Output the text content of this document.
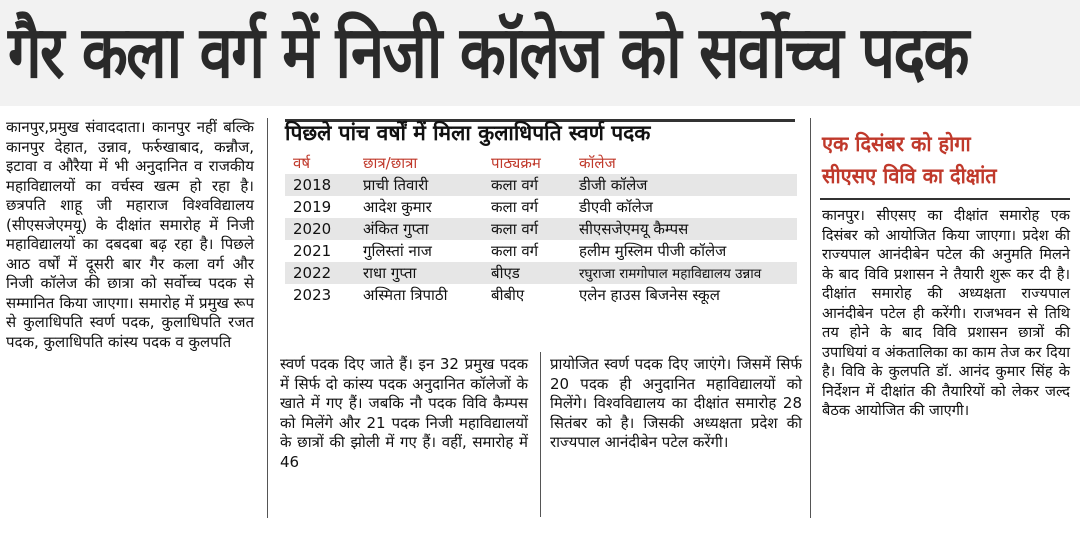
गैर कला वर्ग में निजी कॉलेज को सर्वोच्च पदक

कानपुर,प्रमुख संवाददाता। कानपुर नहीं बल्कि कानपुर देहात, उन्नाव, फर्रुखाबाद, कन्नौज, इटावा व औरैया में भी अनुदानित व राजकीय महाविद्यालयों का वर्चस्व खत्म हो रहा है। छत्रपति शाहू जी महाराज विश्वविद्यालय (सीएसजेएमयू) के दीक्षांत समारोह में निजी महाविद्यालयों का दबदबा बढ़ रहा है। पिछले आठ वर्षों में दूसरी बार गैर कला वर्ग और निजी कॉलेज की छात्रा को सर्वोच्च पदक से सम्मानित किया जाएगा। समारोह में प्रमुख रूप से कुलाधिपति स्वर्ण पदक, कुलाधिपति रजत पदक, कुलाधिपति कांस्य पदक व कुलपति

पिछले पांच वर्षों में मिला कुलाधिपति स्वर्ण पदक
वर्ष	छात्र/छात्रा	पाठ्यक्रम	कॉलेज
2018	प्राची तिवारी	कला वर्ग	डीजी कॉलेज
2019	आदेश कुमार	कला वर्ग	डीएवी कॉलेज
2020	अंकित गुप्ता	कला वर्ग	सीएसजेएमयू कैम्पस
2021	गुलिस्तां नाज	कला वर्ग	हलीम मुस्लिम पीजी कॉलेज
2022	राधा गुप्ता	बीएड	रघुराजा रामगोपाल महाविद्यालय उन्नाव
2023	अस्मिता त्रिपाठी	बीबीए	एलेन हाउस बिजनेस स्कूल

स्वर्ण पदक दिए जाते हैं। इन 32 प्रमुख पदक में सिर्फ दो कांस्य पदक अनुदानित कॉलेजों के खाते में गए हैं। जबकि नौ पदक विवि कैम्पस को मिलेंगे और 21 पदक निजी महाविद्यालयों के छात्रों की झोली में गए हैं। वहीं, समारोह में 46

प्रायोजित स्वर्ण पदक दिए जाएंगे। जिसमें सिर्फ 20 पदक ही अनुदानित महाविद्यालयों को मिलेंगे। विश्वविद्यालय का दीक्षांत समारोह 28 सितंबर को है। जिसकी अध्यक्षता प्रदेश की राज्यपाल आनंदीबेन पटेल करेंगी।

एक दिसंबर को होगा
सीएसए विवि का दीक्षांत

कानपुर। सीएसए का दीक्षांत समारोह एक दिसंबर को आयोजित किया जाएगा। प्रदेश की राज्यपाल आनंदीबेन पटेल की अनुमति मिलने के बाद विवि प्रशासन ने तैयारी शुरू कर दी है। दीक्षांत समारोह की अध्यक्षता राज्यपाल आनंदीबेन पटेल ही करेंगी। राजभवन से तिथि तय होने के बाद विवि प्रशासन छात्रों की उपाधियां व अंकतालिका का काम तेज कर दिया है। विवि के कुलपति डॉ. आनंद कुमार सिंह के निर्देशन में दीक्षांत की तैयारियों को लेकर जल्द बैठक आयोजित की जाएगी।
